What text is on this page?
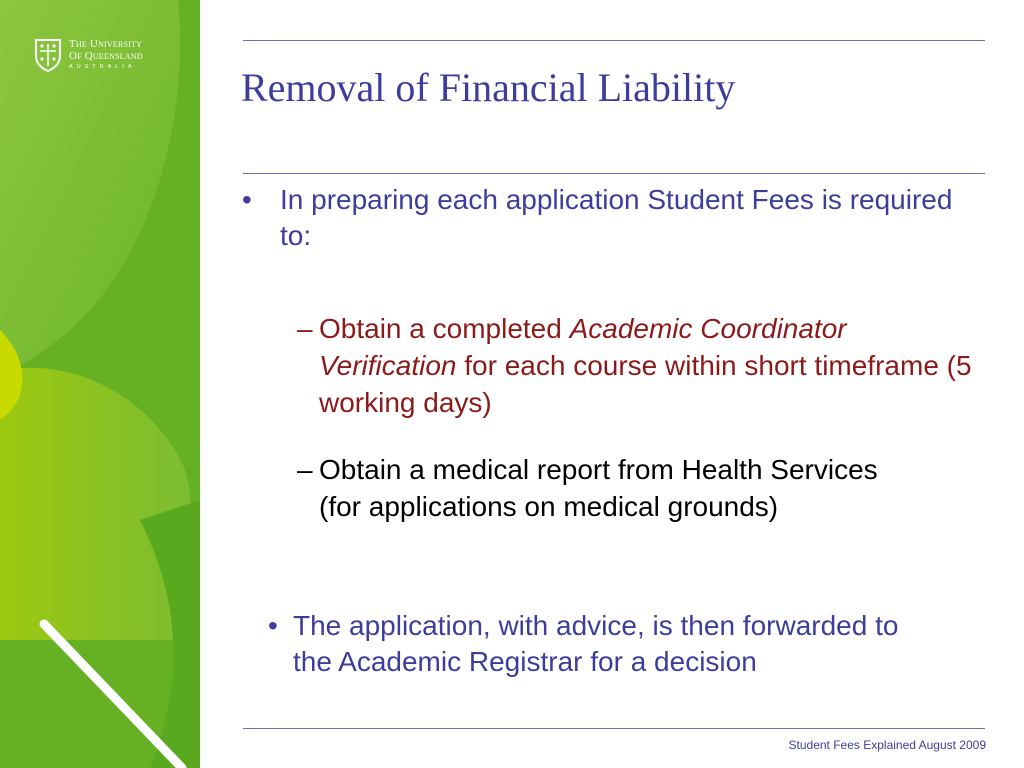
The University
Of Queensland
AUSTRALIA	Removal of Financial Liability
• In preparing each application Student Fees is required to:
– Obtain a completed Academic Coordinator Verification for each course within short timeframe (5 working days)
– Obtain a medical report from Health Services (for applications on medical grounds)
• The application, with advice, is then forwarded to the Academic Registrar for a decision
Student Fees Explained August 2009
